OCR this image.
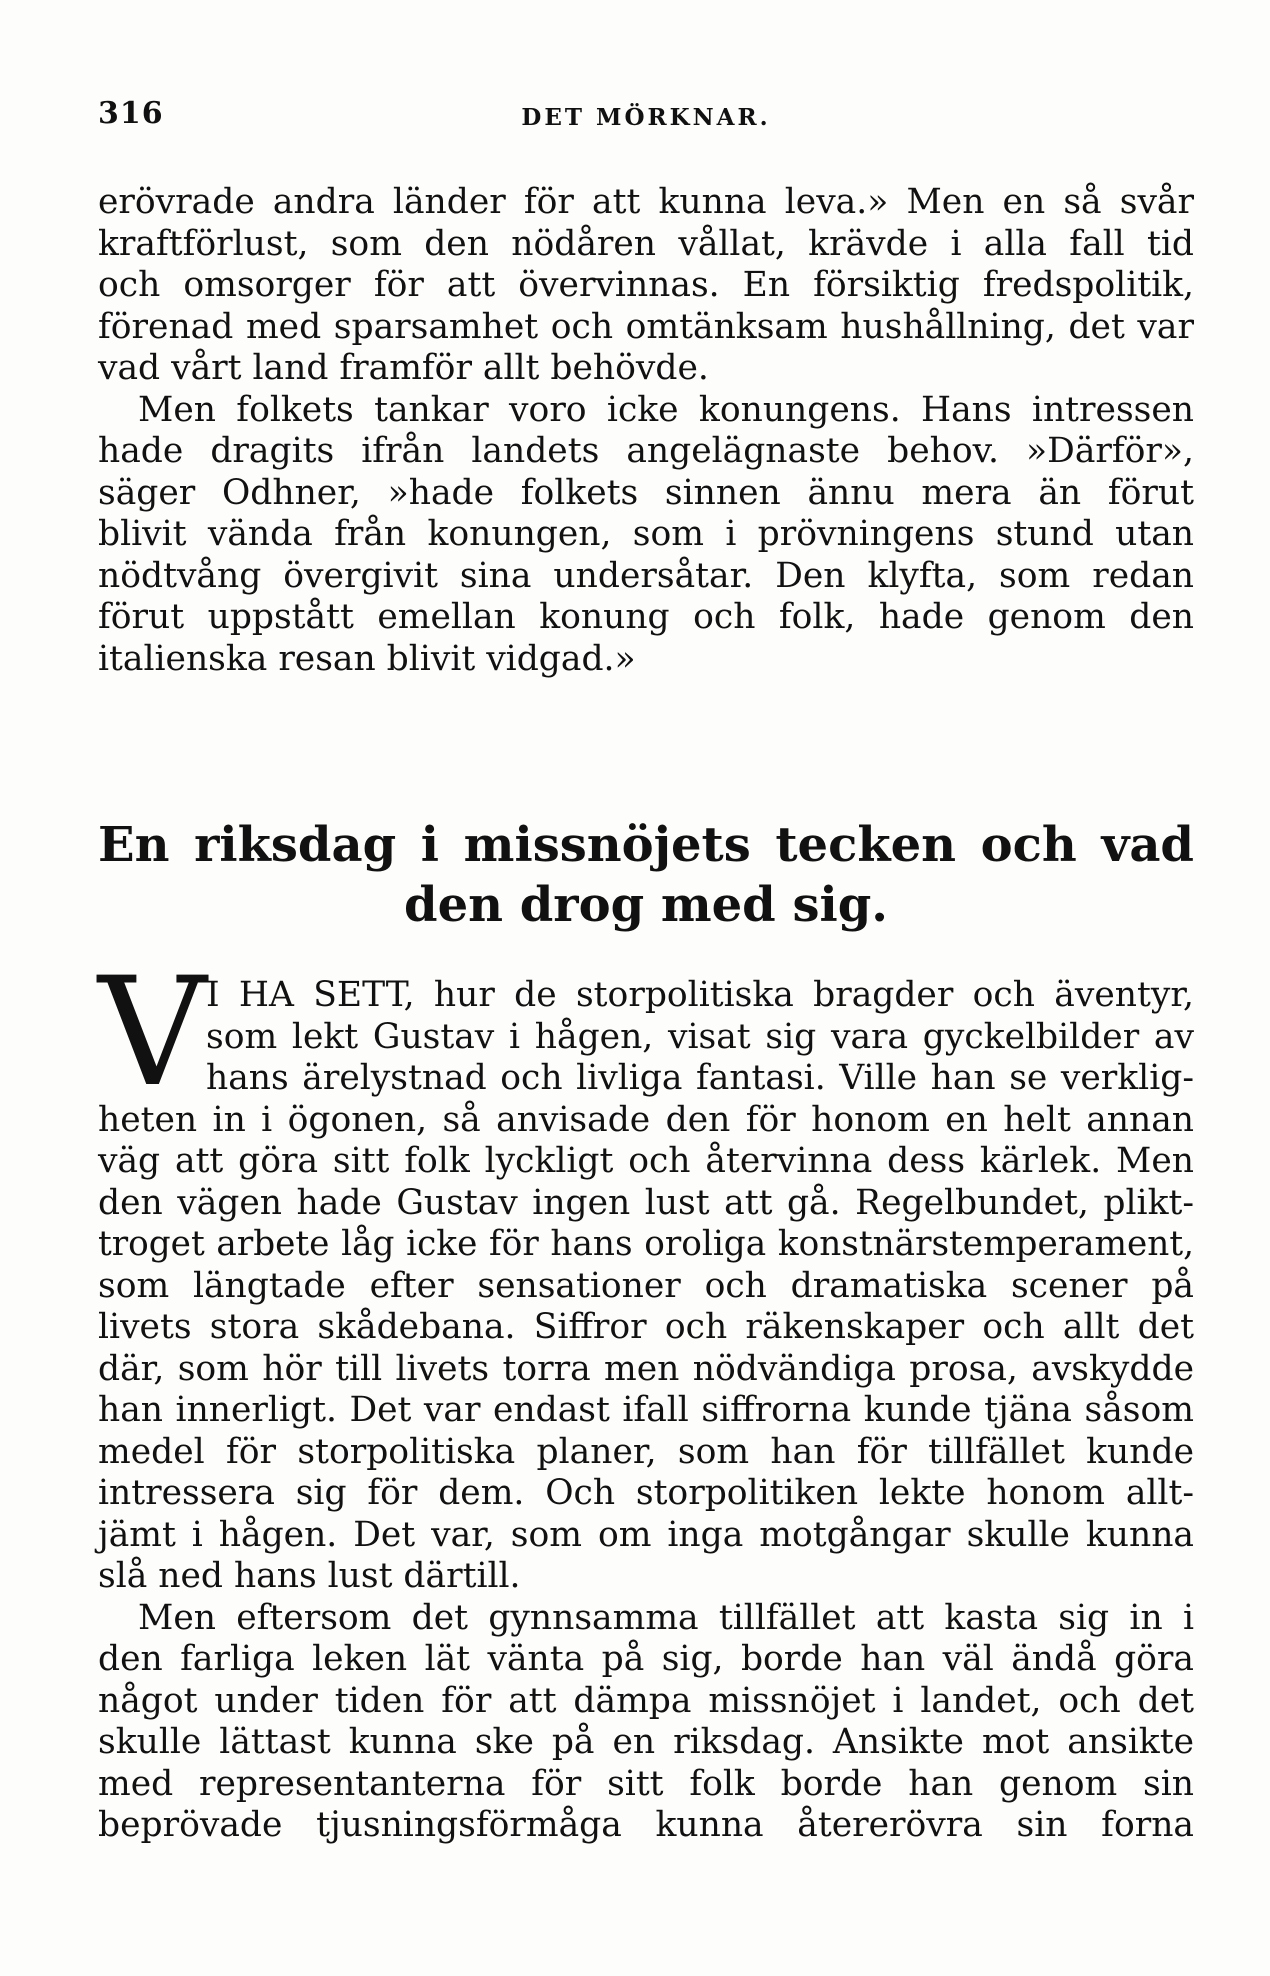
316	DET MÖRKNAR.
erövrade andra länder för att kunna leva.» Men en så svår
kraftförlust, som den nödåren vållat, krävde i alla fall tid
och omsorger för att övervinnas. En försiktig fredspolitik,
förenad med sparsamhet och omtänksam hushållning, det var
vad vårt land framför allt behövde.
Men folkets tankar voro icke konungens. Hans intressen
hade dragits ifrån landets angelägnaste behov. »Därför»,
säger Odhner, »hade folkets sinnen ännu mera än förut
blivit vända från konungen, som i prövningens stund utan
nödtvång övergivit sina undersåtar. Den klyfta, som redan
förut uppstått emellan konung och folk, hade genom den
italienska resan blivit vidgad.»
En riksdag i missnöjets tecken och vad
den drog med sig.
V I HA SETT, hur de storpolitiska bragder och äventyr,
som lekt Gustav i hågen, visat sig vara gyckelbilder av
hans ärelystnad och livliga fantasi. Ville han se verklig-
heten in i ögonen, så anvisade den för honom en helt annan
väg att göra sitt folk lyckligt och återvinna dess kärlek. Men
den vägen hade Gustav ingen lust att gå. Regelbundet, plikt-
troget arbete låg icke för hans oroliga konstnärstemperament,
som längtade efter sensationer och dramatiska scener på
livets stora skådebana. Siffror och räkenskaper och allt det
där, som hör till livets torra men nödvändiga prosa, avskydde
han innerligt. Det var endast ifall siffrorna kunde tjäna såsom
medel för storpolitiska planer, som han för tillfället kunde
intressera sig för dem. Och storpolitiken lekte honom allt-
jämt i hågen. Det var, som om inga motgångar skulle kunna
slå ned hans lust därtill.
Men eftersom det gynnsamma tillfället att kasta sig in i
den farliga leken lät vänta på sig, borde han väl ändå göra
något under tiden för att dämpa missnöjet i landet, och det
skulle lättast kunna ske på en riksdag. Ansikte mot ansikte
med representanterna för sitt folk borde han genom sin
beprövade tjusningsförmåga kunna återerövra sin forna
